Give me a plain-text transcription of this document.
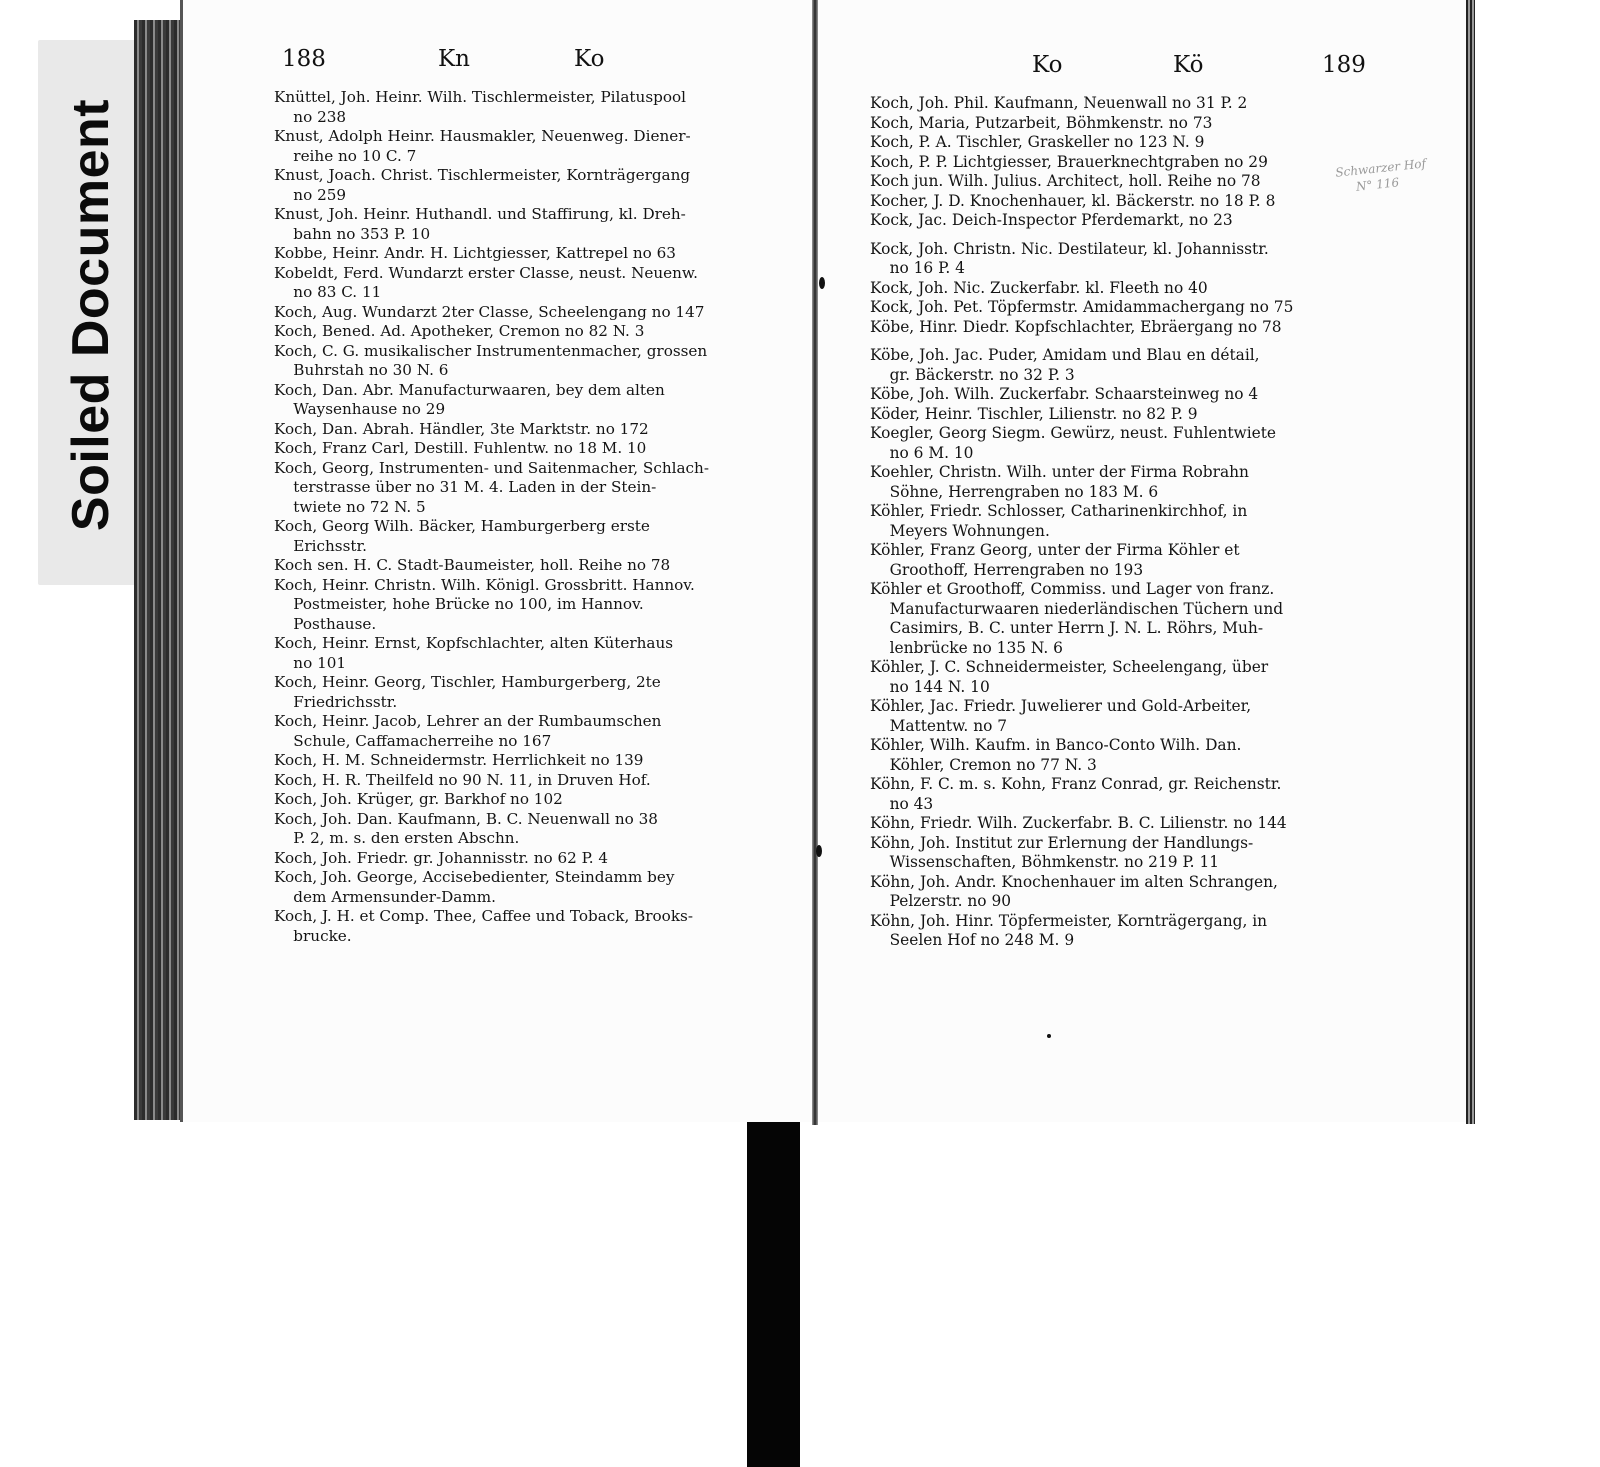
Soiled Document
188	Kn	Ko	Ko	Kö	189
Knüttel, Joh. Heinr. Wilh. Tischlermeister, Pilatuspool
no 238
Knust, Adolph Heinr. Hausmakler, Neuenweg. Diener-
reihe no 10 C. 7
Knust, Joach. Christ. Tischlermeister, Kornträgergang
no 259
Knust, Joh. Heinr. Huthandl. und Staffirung, kl. Dreh-
bahn no 353 P. 10
Kobbe, Heinr. Andr. H. Lichtgiesser, Kattrepel no 63
Kobeldt, Ferd. Wundarzt erster Classe, neust. Neuenw.
no 83 C. 11
Koch, Aug. Wundarzt 2ter Classe, Scheelengang no 147
Koch, Bened. Ad. Apotheker, Cremon no 82 N. 3
Koch, C. G. musikalischer Instrumentenmacher, grossen
Buhrstah no 30 N. 6
Koch, Dan. Abr. Manufacturwaaren, bey dem alten
Waysenhause no 29
Koch, Dan. Abrah. Händler, 3te Marktstr. no 172
Koch, Franz Carl, Destill. Fuhlentw. no 18 M. 10
Koch, Georg, Instrumenten- und Saitenmacher, Schlach-
terstrasse über no 31 M. 4. Laden in der Stein-
twiete no 72 N. 5
Koch, Georg Wilh. Bäcker, Hamburgerberg erste
Erichsstr.
Koch sen. H. C. Stadt-Baumeister, holl. Reihe no 78
Koch, Heinr. Christn. Wilh. Königl. Grossbritt. Hannov.
Postmeister, hohe Brücke no 100, im Hannov.
Posthause.
Koch, Heinr. Ernst, Kopfschlachter, alten Küterhaus
no 101
Koch, Heinr. Georg, Tischler, Hamburgerberg, 2te
Friedrichsstr.
Koch, Heinr. Jacob, Lehrer an der Rumbaumschen
Schule, Caffamacherreihe no 167
Koch, H. M. Schneidermstr. Herrlichkeit no 139
Koch, H. R. Theilfeld no 90 N. 11, in Druven Hof.
Koch, Joh. Krüger, gr. Barkhof no 102
Koch, Joh. Dan. Kaufmann, B. C. Neuenwall no 38
P. 2, m. s. den ersten Abschn.
Koch, Joh. Friedr. gr. Johannisstr. no 62 P. 4
Koch, Joh. George, Accisebedienter, Steindamm bey
dem Armensunder-Damm.
Koch, J. H. et Comp. Thee, Caffee und Toback, Brooks-
brucke.
Koch, Joh. Phil. Kaufmann, Neuenwall no 31 P. 2
Koch, Maria, Putzarbeit, Böhmkenstr. no 73
Koch, P. A. Tischler, Graskeller no 123 N. 9
Koch, P. P. Lichtgiesser, Brauerknechtgraben no 29
Koch jun. Wilh. Julius. Architect, holl. Reihe no 78
Kocher, J. D. Knochenhauer, kl. Bäckerstr. no 18 P. 8
Kock, Jac. Deich-Inspector Pferdemarkt, no 23
Kock, Joh. Christn. Nic. Destilateur, kl. Johannisstr.
no 16 P. 4
Kock, Joh. Nic. Zuckerfabr. kl. Fleeth no 40
Kock, Joh. Pet. Töpfermstr. Amidammachergang no 75
Köbe, Hinr. Diedr. Kopfschlachter, Ebräergang no 78
Köbe, Joh. Jac. Puder, Amidam und Blau en détail,
gr. Bäckerstr. no 32 P. 3
Köbe, Joh. Wilh. Zuckerfabr. Schaarsteinweg no 4
Köder, Heinr. Tischler, Lilienstr. no 82 P. 9
Koegler, Georg Siegm. Gewürz, neust. Fuhlentwiete
no 6 M. 10
Koehler, Christn. Wilh. unter der Firma Robrahn
Söhne, Herrengraben no 183 M. 6
Köhler, Friedr. Schlosser, Catharinenkirchhof, in
Meyers Wohnungen.
Köhler, Franz Georg, unter der Firma Köhler et
Groothoff, Herrengraben no 193
Köhler et Groothoff, Commiss. und Lager von franz.
Manufacturwaaren niederländischen Tüchern und
Casimirs, B. C. unter Herrn J. N. L. Röhrs, Muh-
lenbrücke no 135 N. 6
Köhler, J. C. Schneidermeister, Scheelengang, über
no 144 N. 10
Köhler, Jac. Friedr. Juwelierer und Gold-Arbeiter,
Mattentw. no 7
Köhler, Wilh. Kaufm. in Banco-Conto Wilh. Dan.
Köhler, Cremon no 77 N. 3
Köhn, F. C. m. s. Kohn, Franz Conrad, gr. Reichenstr.
no 43
Köhn, Friedr. Wilh. Zuckerfabr. B. C. Lilienstr. no 144
Köhn, Joh. Institut zur Erlernung der Handlungs-
Wissenschaften, Böhmkenstr. no 219 P. 11
Köhn, Joh. Andr. Knochenhauer im alten Schrangen,
Pelzerstr. no 90
Köhn, Joh. Hinr. Töpfermeister, Kornträgergang, in
Seelen Hof no 248 M. 9
Schwarzer Hof
N° 116
